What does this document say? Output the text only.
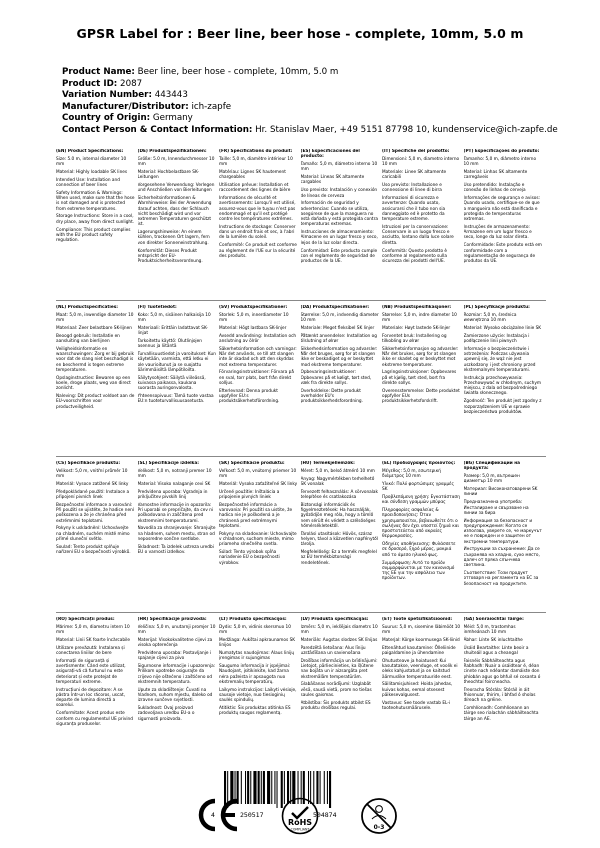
GPSR Label for : Beer line, beer hose - complete, 10mm, 5.0 m
Product Name: Beer line, beer hose - complete, 10mm, 5.0 m
Product ID: 2087
Variation Number: 443443
Manufacturer/Distributor: ich-zapfe
Country of Origin: Germany
Contact Person & Contact Information: Hr. Stanislav Maer, +49 5151 87798 10, kundenservice@ich-zapfe.de

(EN) Product Specifications:

Size: 5.0 m, internal diameter 10 mm

Material: Highly loadable SK lines

Intended Use: Installation and connection of beer lines

Safety Information & Warnings: When used, make sure that the hose is not damaged and is protected from extreme temperatures.

Storage Instructions: Store in a cool, dry place, away from direct sunlight.

Compliance: This product complies with the EU product safety regulation.

(DE) Produktspezifikationen:

Größe: 5.0 m, Innendurchmesser 10 mm

Material: Hochbelastbare SK-Leitungen

Vorgesehene Verwendung: Verlegen und Anschließen von Bierleitungen

Sicherheitsinformationen & Warnhinweise: Bei der Anwendung darauf achten, dass der Schlauch nicht beschädigt wird und vor extremen Temperaturen geschützt ist.

Lagerungshinweise: An einem kühlen, trockenen Ort lagern, fern von direkter Sonneneinstrahlung.

Konformität: Dieses Produkt entspricht der EU-Produktsicherheitsverordnung.

(FR) Spécifications du produit:

Taille: 5,0 m, diamètre intérieur 10 mm

Matériau: Lignes SK hautement chargeables

Utilisation prévue: Installation et raccordement des lignes de bière

Informations de sécurité et avertissements: Lorsqu'il est utilisé, assurez-vous que le tuyau n'est pas endommagé et qu'il est protégé contre les températures extrêmes.

Instructions de stockage: Conserver dans un endroit frais et sec, à l'abri de la lumière du soleil.

Conformité: Ce produit est conforme au règlement de l'UE sur la sécurité des produits.

(ES) Especificaciones del producto:

Tamaño: 5,0 m, diámetro interno 10 mm

Material: Líneas SK altamente cargables

Uso previsto: Instalación y conexión de líneas de cerveza

Información de seguridad y advertencias: Cuando se utiliza, asegúrese de que la manguera no está dañada y está protegida contra temperaturas extremas.

Instrucciones de almacenamiento: Almacene en un lugar fresco y seco, lejos de la luz solar directa.

Conformidad: Este producto cumple con el reglamento de seguridad de productos de la UE.

(IT) Specifiche del prodotto:

Dimensioni: 5,0 m, diametro interno 10 mm

Materiale: Linee SK altamente caricabili

Uso previsto: Installazione e connessione di linee di birra

Informazioni di sicurezza e avvertenze: Quando usato, assicurarsi che il tubo non sia danneggiato ed è protetto da temperature estreme.

Istruzioni per la conservazione: Conservare in un luogo fresco e asciutto, lontano dalla luce solare diretta.

Conformità: Questo prodotto è conforme al regolamento sulla sicurezza dei prodotti dell'UE.

(PT) Especificações do produto:

Tamanho: 5,0 m, diâmetro interno 10 mm

Material: Linhas SK altamente carregáveis

Uso pretendido: Instalação e conexão de linhas de cerveja

Informações de segurança e avisos: Quando usado, certifique-se de que a mangueira não está danificada e protegida de temperaturas extremas.

Instruções de armazenamento: Armazene em um lugar fresco e seco, longe da luz solar direta.

Conformidade: Este produto está em conformidade com a regulamentação de segurança de produtos da UE.

(NL) Productspecificaties:

Maat: 5,0 m, inwendige diameter 10 mm

Materiaal: Zeer belastbare SK-lijnen

Beoogd gebruik: Installatie en aansluiting van bierlijnen

Veiligheidsinformatie en waarschuwingen: Zorg er bij gebruik voor dat de slang niet beschadigd is en beschermd is tegen extreme temperaturen.

Opslaginstructies: Bewaren op een koele, droge plaats, weg van direct zonlicht.

Naleving: Dit product voldoet aan de EU-voorschriften voor productveiligheid.

(FI) Tuotetiedot:

Koko: 5,0 m, sisäinen halkaisija 10 mm

Materiaali: Erittäin ladattavat SK-linjat

Tarkoitettu käyttö: Olutlinjojen asennus ja liitäntä

Turvallisuustiedot ja varoitukset: Kun käytetään, varmista, että letku ei ole vaurioitunut ja se suojattu äärimmäisiltä lämpötiloilta.

Säilytysohjeet: Säilytä viileässä, kuivassa paikassa, kaukana suorasta auringonvalosta.

Yhteensopivuus: Tämä tuote vastaa EU:n tuoteturvallisuusasetusta.

(SV) Produktspecifikationer:

Storlek: 5,0 m, innerdiameter 10 mm

Material: Högt lastbara SK-linjer

Avsedd användning: Installation och anslutning av ölrör

Säkerhetsinformation och varningar: När det används, se till att slangen inte är skadad och att den skyddas mot extrema temperaturer.

Förvaringsinstruktioner: Förvara på en sval, torr plats, bort från direkt solljus.

Efterlevnad: Denna produkt uppfyller EU:s produktsäkerhetsförordning.

(DA) Produktspecifikationer:

Størrelse: 5,0 m, indvendig diameter 10 mm

Materiale: Meget fleksibel SK linjer

Påtænkt anvendelse: Installation og tilslutning af ølrør

Sikkerhedsinformation og advarsler: Når det bruges, sørg for at slangen ikke er beskadiget og er beskyttet mod ekstreme temperaturer.

Opbevaringsinstruktioner: Opbevares på et køligt, tørt sted, væk fra direkte sollys.

Overholdelse: Dette produkt overholder EU's produktsikkerhedsforordning.

(NB) Produktspesifikasjoner:

Størrelse: 5,0 m, indre diameter 10 mm

Materiale: Høyt lastede SK-linjer

Forventet bruk: Installering og tilkobling av ølrør

Sikkerhetsinformasjon og advarsler: Når det brukes, sørg for at slangen ikke er skadet og er beskyttet mot ekstreme temperaturer.

Lagringsinstruksjoner: Oppbevares på et kjølig, tørt sted, bort fra direkte sollys.

Overensstemmelse: Dette produktet oppfyller EUs produktsikkerhetsforskrift.

(PL) Specyfikacje produktu:

Rozmiar: 5,0 m, średnica wewnętrzna 10 mm

Materiał: Wysoko obciążalne linie SK

Zamierzone użycie: Instalacja i podłączenie linii piwnych

Informacje o bezpieczeństwie i ostrzeżenia: Podczas używania upewnij się, że wąż nie jest uszkodzony i jest chroniony przed ekstremalnymi temperaturami.

Instrukcja przechowywania: Przechowywać w chłodnym, suchym miejscu, z dala od bezpośredniego światła słonecznego.

Zgodność: Ten produkt jest zgodny z rozporządzeniem UE w sprawie bezpieczeństwa produktów.

(CS) Specifikace produktu:

Velikost: 5,0 m, vnitřní průměr 10 mm

Materiál: Vysoce zatížené SK linky

Předpokládané použití: Instalace a připojení pivních linek

Bezpečnostní informace a varování: Při použití se ujistěte, že hadice není poškozena a že je chráněna před extrémními teplotami.

Pokyny k uskladnění: Uchovávejte na chladném, suchém místě mimo přímé sluneční světlo.

Soulad: Tento produkt splňuje nařízení EU o bezpečnosti výrobků.

(SL) Specifikacije izdelka:

Velikost: 5,0 m, notranji premer 10 mm

Material: Visoko nalaganje cevi SK

Predvidena uporaba: Vgradnja in priključitev pivskih linij

Varnostne informacije in opozorila: Pri uporabi se prepričajte, da cev ni poškodovana in zaščitena pred ekstremnimi temperaturami.

Navodila za shranjevanje: Shranjujte na hladnem, suhem mestu, stran od neposredne sončne svetlobe.

Skladnost: Ta izdelek ustreza uredbi EU o varnosti izdelkov.

(SK) Špecifikácie produktu:

Veľkosť: 5,0 m, vnútorný priemer 10 mm

Materiál: Vysoko zaťažiteľné SK linky

Určené použitie: Inštalácia a pripojenie pivných liniek

Bezpečnostné informácie a varovania: Pri použití sa uistite, že hadica nie je poškodená a je chránená pred extrémnymi teplotami.

Pokyny na skladovanie: Uchovávajte v chladnom, suchom mieste, mimo priameho slnečného svetla.

Súlad: Tento výrobok spĺňa nariadenie EÚ o bezpečnosti výrobkov.

(HU) Termékjellemzők:

Méret: 5,0 m, belső átmérő 10 mm

Anyag: Nagymértékben terhelhető SK vonalak

Tervezett felhasználás: A sörvonalak telepítése és csatlakozása

Biztonsági információk és figyelmeztetések: Ha használják, győződjön meg róla, hogy a tömlő nem sérült és védett a szélsőséges hőmérsékletektől.

Tárolási utasítások: Hűvös, száraz helyen, távol a közvetlen napfénytől tárolja.

Megfelelőség: Ez a termék megfelel az EU termékbiztonsági rendeletének.

(EL) Προδιαγραφές προϊόντος:

Μέγεθος: 5,0 m, εσωτερική διάμετρος 10 mm

Υλικό: Πολύ φορτώσιμες γραμμές SK

Προβλεπόμενη χρήση: Εγκατάσταση και σύνδεση γραμμών μπύρας

Πληροφορίες ασφαλείας & προειδοποιήσεις: Όταν χρησιμοποιείται, βεβαιωθείτε ότι ο σωλήνας δεν έχει υποστεί ζημιά και προστατεύεται από ακραίες θερμοκρασίες.

Οδηγίες αποθήκευσης: Φυλάσσετε σε δροσερό, ξηρό μέρος, μακριά από το άμεσο ηλιακό φως.

Συμμόρφωση: Αυτό το προϊόν συμμορφώνεται με τον κανονισμό της ΕΕ για την ασφάλεια των προϊόντων.

(BG) Спецификации на продукта:

Размер: 5,0 m, вътрешен диаметър 10 mm

Материал: Високонатоварени SK линии

Предназначена употреба: Инсталиране и свързване на линии за бира

Информация за безопасност и предупреждения: Когато се използва, уверете се, че маркучът не е повреден и е защитен от екстремни температури.

Инструкции за съхранение: Да се съхранява на хладно, сухо място, далеч от пряка слънчева светлина.

Съответствие: Този продукт отговаря на регламента на ЕС за безопасност на продуктите.

(RO) Specificații produs:

Mărime: 5,0 m, diametru intern 10 mm

Material: Linii SK foarte încărcabile

Utilizare prevăzută: Instalarea și conectarea liniilor de bere

Informații de siguranță și avertismente: Când este utilizat, asigurați-vă că furtunul nu este deteriorat și este protejat de temperaturi extreme.

Instrucțiuni de depozitare: A se păstra într-un loc răcoros, uscat, departe de lumina directă a soarelui.

Conformitate: Acest produs este conform cu regulamentul UE privind siguranța produselor.

(HR) Specifikacije proizvoda:

Veličina: 5,0 m, unutarnji promjer 10 mm

Materijal: Visokokvalitetne cijevi za visoka opterećenja

Predviđena uporaba: Postavljanje i spajanje cijevi za pivo

Sigurnosne informacije i upozorenja: Prilikom upotrebe osigurajte da crijevo nije oštećeno i zaštićeno od ekstremnih temperatura.

Upute za skladištenje: Čuvati na hladnom, suhom mjestu, daleko od izravne sunčeve svjetlosti.

Sukladnost: Ovaj proizvod zadovoljava uredbu EU-a o sigurnosti proizvoda.

(LT) Produkto specifikacijos:

Dydis: 5,0 m, vidinis skersmuo 10 mm

Medžiaga: Aukštai apkraunamos SK linijos

Numatytas naudojimas: Alaus linijų įrengimas ir sujungimas

Saugumo informacija ir įspėjimai: Naudojant, įsitikinkite, kad žarna nėra pažeista ir apsaugota nuo ekstremalių temperatūrų.

Laikymo instrukcijos: Laikyti vėsioje, sausoje vietoje, nuo tiesioginių saulės spindulių.

Atitiktis: Šis produktas atitinka ES produktų saugos reglamentą.

(LV) Produkta specifikācijas:

Izmērs: 5,0 m, iekšējais diametrs 10 mm

Materiāls: Augstas slodzes SK līnijas

Paredzētā lietošana: Alus līniju uzstādīšana un savienošana

Drošības informācija un brīdinājumi: Lietojot, pārliecinieties, ka šļūtene nav bojāta un ir aizsargāta pret ekstremālām temperatūrām.

Glabāšanas norādījumi: Uzglabāt vēsā, sausā vietā, prom no tiešas saules gaismas.

Atbilstība: Šis produkts atbilst ES produktu drošības regulai.

(ET) Toote spetsifikatsioonid:

Suurus: 5,0 m, sisemine läbimõõt 10 mm

Materjal: Kõrge koormusega SK-liinid

Ettenähtud kasutamine: Õlleliinide paigaldamine ja ühendamine

Ohutusteave ja hoiatused: Kui kasutatakse, veenduge, et voolik ei oleks kahjustatud ja on kaitstud äärmuslike temperatuuride eest.

Säilitamisjuhised: Hoida jahedas, kuivas kohas, eemal otsesest päikesevalgusest.

Vastavus: See toode vastab EL-i tooteohutusmäärusele.

(GA) Sonraíochtaí Táirge:

Méid: 5,0 m, trastomhas inmheánach 10 mm

Ábhar: Línte SK inluchtaithe

Úsáid Beartaithe: Línte beoir a shuiteáil agus a cheangal

Faisnéis Sábháilteachta agus Rabhadh: Nuair a úsáidtear é, déan cinnte nach ndéantar damáiste don phíobán agus go bhfuil sé cosanta ó theochtaí foircneacha.

Treoracha Stórála: Stóráil in áit fhionnuar, thirim, i bhfad ó sholas díreach na gréine.

Comhlíonadh: Comhlíonann an táirge seo rialachán sábháilteachta táirge an AE.

4	250517	504874
RoHS
COMPLIANT	0-3
